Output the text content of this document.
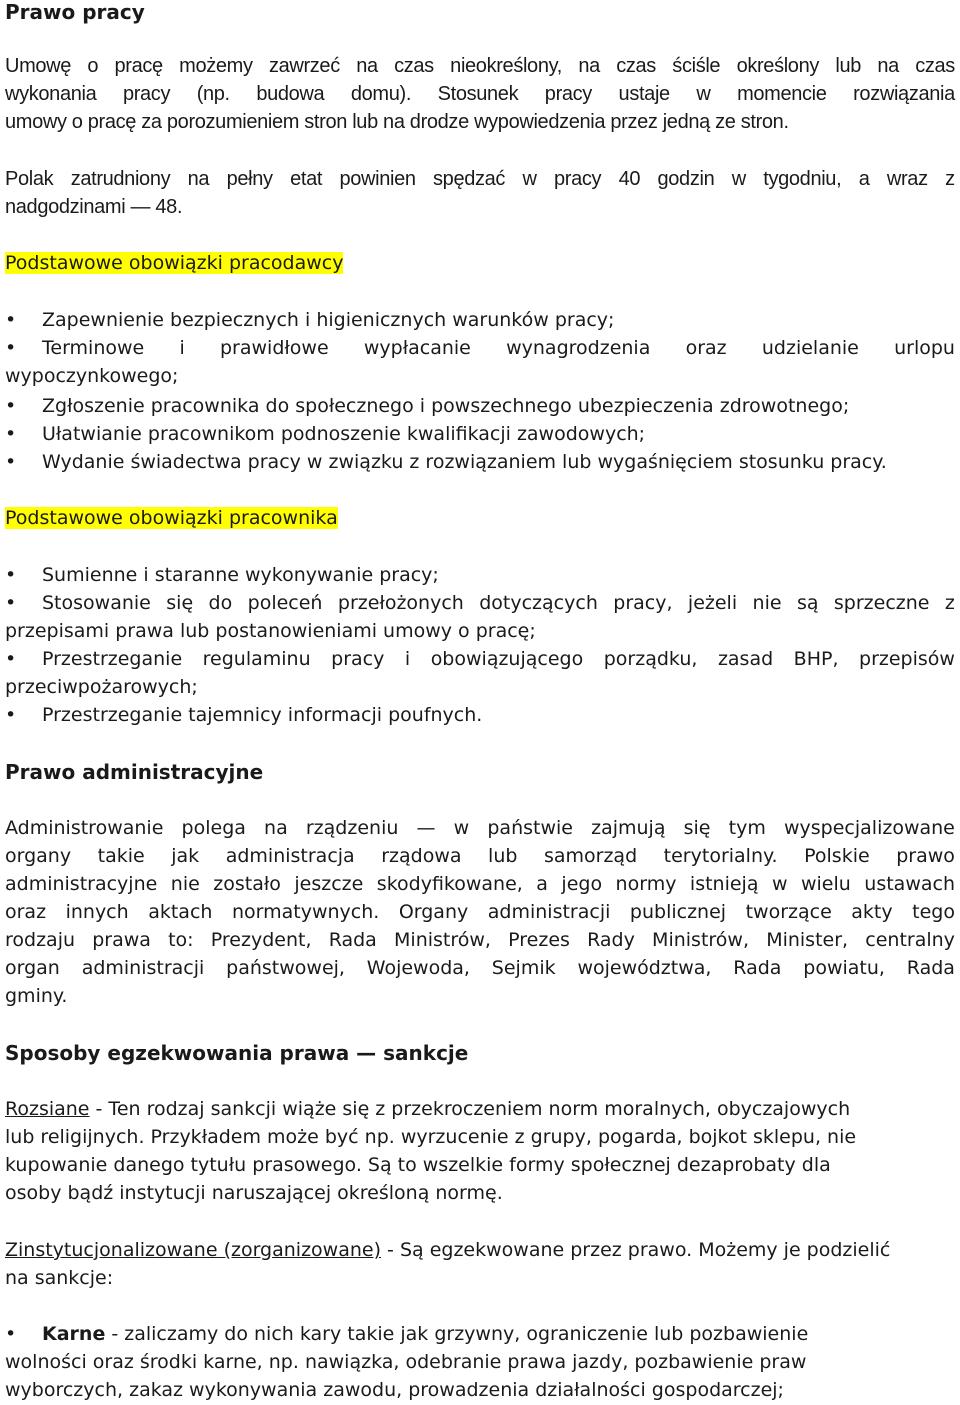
Prawo pracy
Umowę o pracę możemy zawrzeć na czas nieokreślony, na czas ściśle określony lub na czas
wykonania pracy (np. budowa domu). Stosunek pracy ustaje w momencie rozwiązania
umowy o pracę za porozumieniem stron lub na drodze wypowiedzenia przez jedną ze stron.
Polak zatrudniony na pełny etat powinien spędzać w pracy 40 godzin w tygodniu, a wraz z
nadgodzinami — 48.
Podstawowe obowiązki pracodawcy
• Zapewnienie bezpiecznych i higienicznych warunków pracy;
• Terminowe i prawidłowe wypłacanie wynagrodzenia oraz udzielanie urlopu
wypoczynkowego;
• Zgłoszenie pracownika do społecznego i powszechnego ubezpieczenia zdrowotnego;
• Ułatwianie pracownikom podnoszenie kwalifikacji zawodowych;
• Wydanie świadectwa pracy w związku z rozwiązaniem lub wygaśnięciem stosunku pracy.
Podstawowe obowiązki pracownika
• Sumienne i staranne wykonywanie pracy;
• Stosowanie się do poleceń przełożonych dotyczących pracy, jeżeli nie są sprzeczne z
przepisami prawa lub postanowieniami umowy o pracę;
• Przestrzeganie regulaminu pracy i obowiązującego porządku, zasad BHP, przepisów
przeciwpożarowych;
• Przestrzeganie tajemnicy informacji poufnych.
Prawo administracyjne
Administrowanie polega na rządzeniu — w państwie zajmują się tym wyspecjalizowane
organy takie jak administracja rządowa lub samorząd terytorialny. Polskie prawo
administracyjne nie zostało jeszcze skodyfikowane, a jego normy istnieją w wielu ustawach
oraz innych aktach normatywnych. Organy administracji publicznej tworzące akty tego
rodzaju prawa to: Prezydent, Rada Ministrów, Prezes Rady Ministrów, Minister, centralny
organ administracji państwowej, Wojewoda, Sejmik województwa, Rada powiatu, Rada
gminy.
Sposoby egzekwowania prawa — sankcje
Rozsiane - Ten rodzaj sankcji wiąże się z przekroczeniem norm moralnych, obyczajowych
lub religijnych. Przykładem może być np. wyrzucenie z grupy, pogarda, bojkot sklepu, nie
kupowanie danego tytułu prasowego. Są to wszelkie formy społecznej dezaprobaty dla
osoby bądź instytucji naruszającej określoną normę.
Zinstytucjonalizowane (zorganizowane) - Są egzekwowane przez prawo. Możemy je podzielić
na sankcje:
• Karne - zaliczamy do nich kary takie jak grzywny, ograniczenie lub pozbawienie
wolności oraz środki karne, np. nawiązka, odebranie prawa jazdy, pozbawienie praw
wyborczych, zakaz wykonywania zawodu, prowadzenia działalności gospodarczej;
